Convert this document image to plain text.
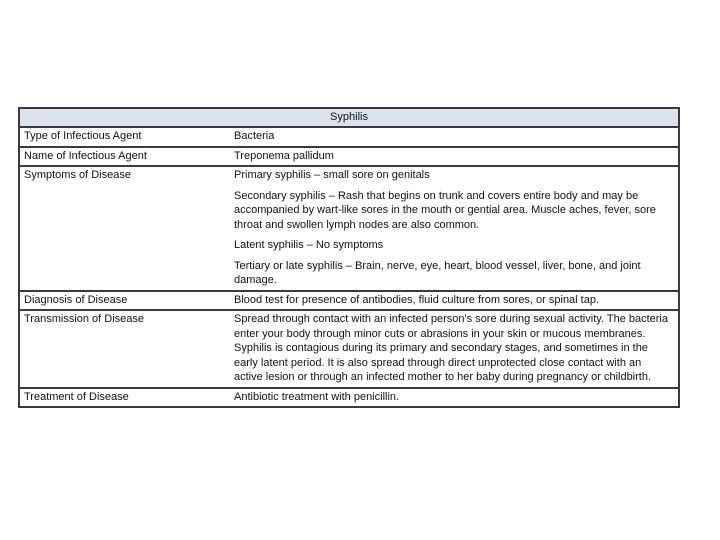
Syphilis	
Type of Infectious Agent	Bacteria

Name of Infectious Agent	Treponema pallidum

Symptoms of Disease	Primary syphilis – small sore on genitals

Secondary syphilis – Rash that begins on trunk and covers entire body and may be accompanied by wart-like sores in the mouth or gential area. Muscle aches, fever, sore throat and swollen lymph nodes are also common.

Latent syphilis – No symptoms

Tertiary or late syphilis – Brain, nerve, eye, heart, blood vessel, liver, bone, and joint damage.

Diagnosis of Disease	Blood test for presence of antibodies, fluid culture from sores, or spinal tap.

Transmission of Disease	Spread through contact with an infected person's sore during sexual activity. The bacteria enter your body through minor cuts or abrasions in your skin or mucous membranes. Syphilis is contagious during its primary and secondary stages, and sometimes in the early latent period. It is also spread through direct unprotected close contact with an active lesion or through an infected mother to her baby during pregnancy or childbirth.

Treatment of Disease	Antibiotic treatment with penicillin.
